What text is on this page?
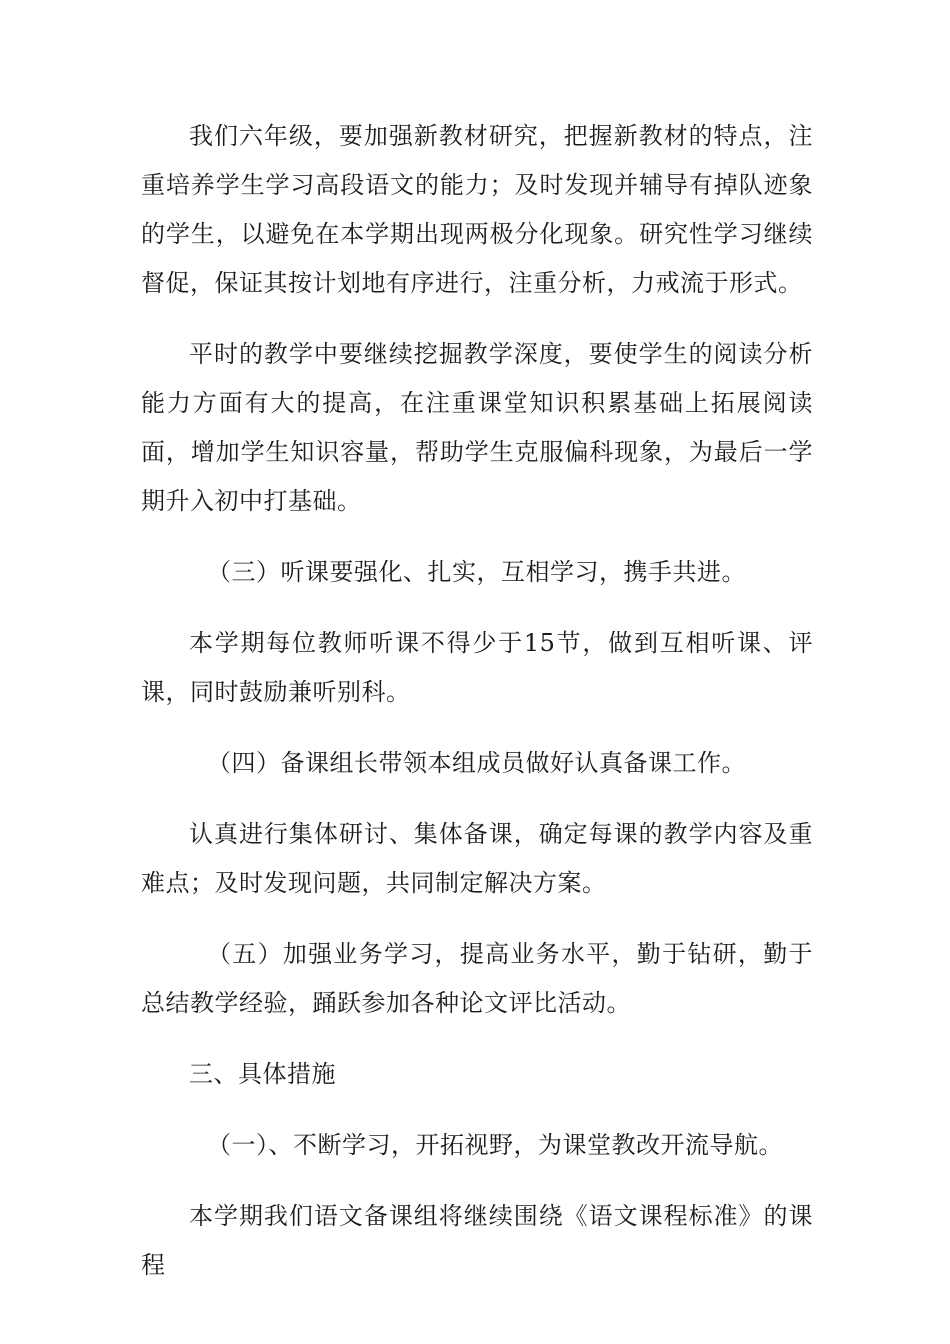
我们六年级，要加强新教材研究，把握新教材的特点，注重培养学生学习高段语文的能力；及时发现并辅导有掉队迹象的学生，以避免在本学期出现两极分化现象。研究性学习继续督促，保证其按计划地有序进行，注重分析，力戒流于形式。

平时的教学中要继续挖掘教学深度，要使学生的阅读分析能力方面有大的提高，在注重课堂知识积累基础上拓展阅读面，增加学生知识容量，帮助学生克服偏科现象，为最后一学期升入初中打基础。

（三）听课要强化、扎实，互相学习，携手共进。

本学期每位教师听课不得少于15节，做到互相听课、评课，同时鼓励兼听别科。

（四）备课组长带领本组成员做好认真备课工作。

认真进行集体研讨、集体备课，确定每课的教学内容及重难点；及时发现问题，共同制定解决方案。

（五）加强业务学习，提高业务水平，勤于钻研，勤于总结教学经验，踊跃参加各种论文评比活动。

三、具体措施

（一）、不断学习，开拓视野，为课堂教改开流导航。

本学期我们语文备课组将继续围绕《语文课程标准》的课程
